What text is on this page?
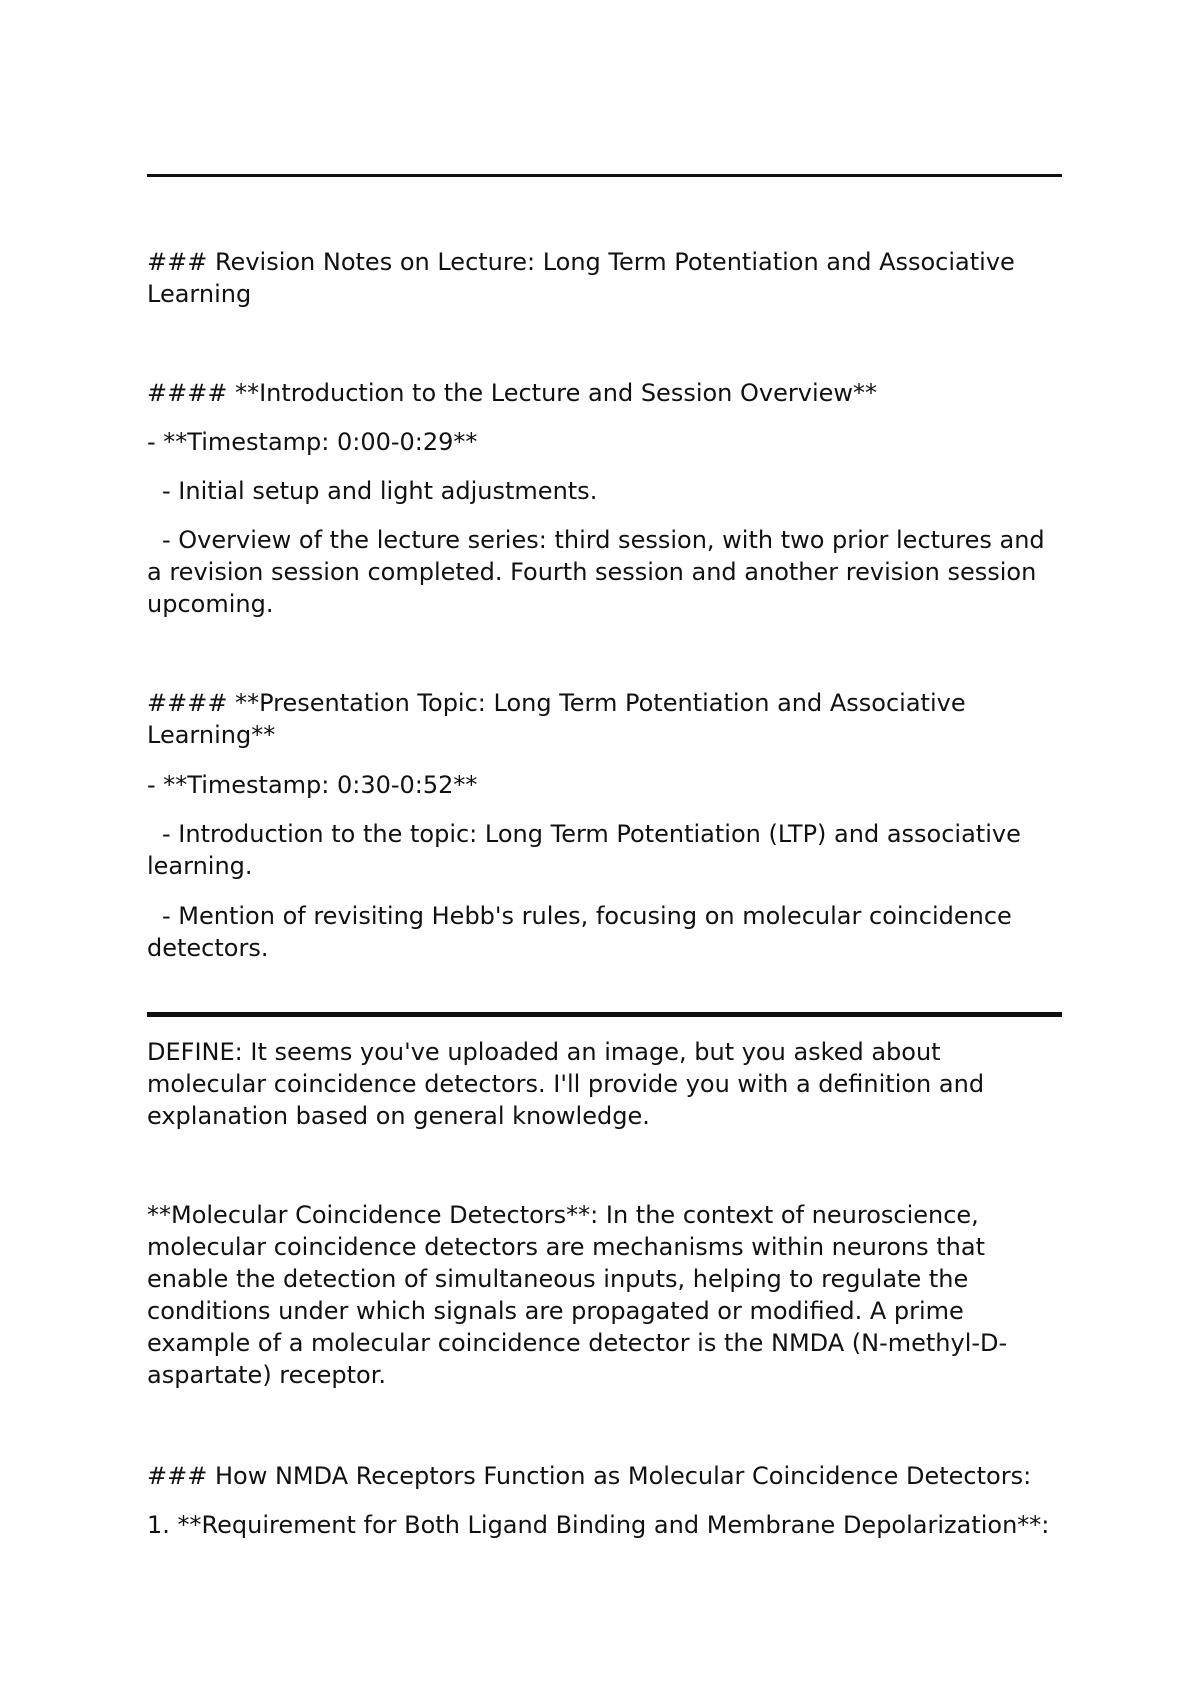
### Revision Notes on Lecture: Long Term Potentiation and Associative Learning

#### **Introduction to the Lecture and Session Overview**

- **Timestamp: 0:00-0:29**

- Initial setup and light adjustments.

- Overview of the lecture series: third session, with two prior lectures and a revision session completed. Fourth session and another revision session upcoming.

#### **Presentation Topic: Long Term Potentiation and Associative Learning**

- **Timestamp: 0:30-0:52**

- Introduction to the topic: Long Term Potentiation (LTP) and associative learning.

- Mention of revisiting Hebb's rules, focusing on molecular coincidence detectors.

DEFINE: It seems you've uploaded an image, but you asked about molecular coincidence detectors. I'll provide you with a definition and explanation based on general knowledge.

**Molecular Coincidence Detectors**: In the context of neuroscience, molecular coincidence detectors are mechanisms within neurons that enable the detection of simultaneous inputs, helping to regulate the conditions under which signals are propagated or modified. A prime example of a molecular coincidence detector is the NMDA (N-methyl-D-aspartate) receptor.

### How NMDA Receptors Function as Molecular Coincidence Detectors:

1. **Requirement for Both Ligand Binding and Membrane Depolarization**:
